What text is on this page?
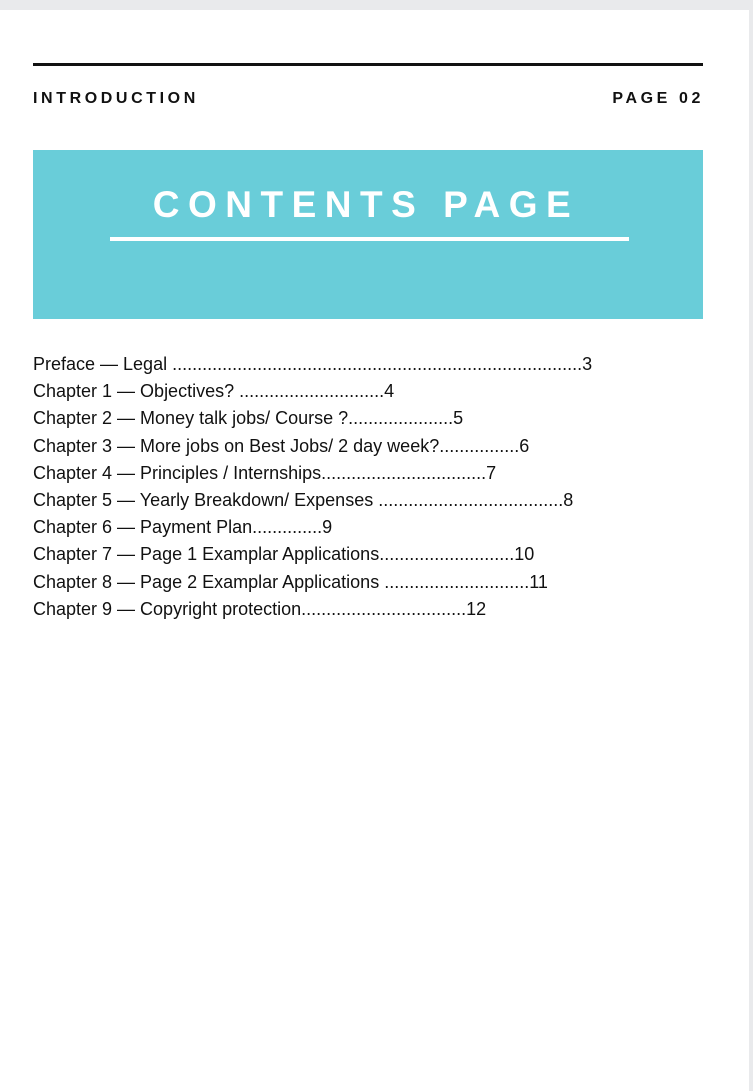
INTRODUCTION	PAGE 02
CONTENTS PAGE
Preface — Legal ..................................................................................3
Chapter 1 — Objectives? .............................4
Chapter 2 — Money talk jobs/ Course ?.....................5
Chapter 3 — More jobs on Best Jobs/ 2 day week?................6
Chapter 4 — Principles / Internships.................................7
Chapter 5 — Yearly Breakdown/ Expenses .....................................8
Chapter 6 — Payment Plan..............9
Chapter 7 — Page 1 Examplar Applications...........................10
Chapter 8 — Page 2 Examplar Applications .............................11
Chapter 9 — Copyright protection.................................12
